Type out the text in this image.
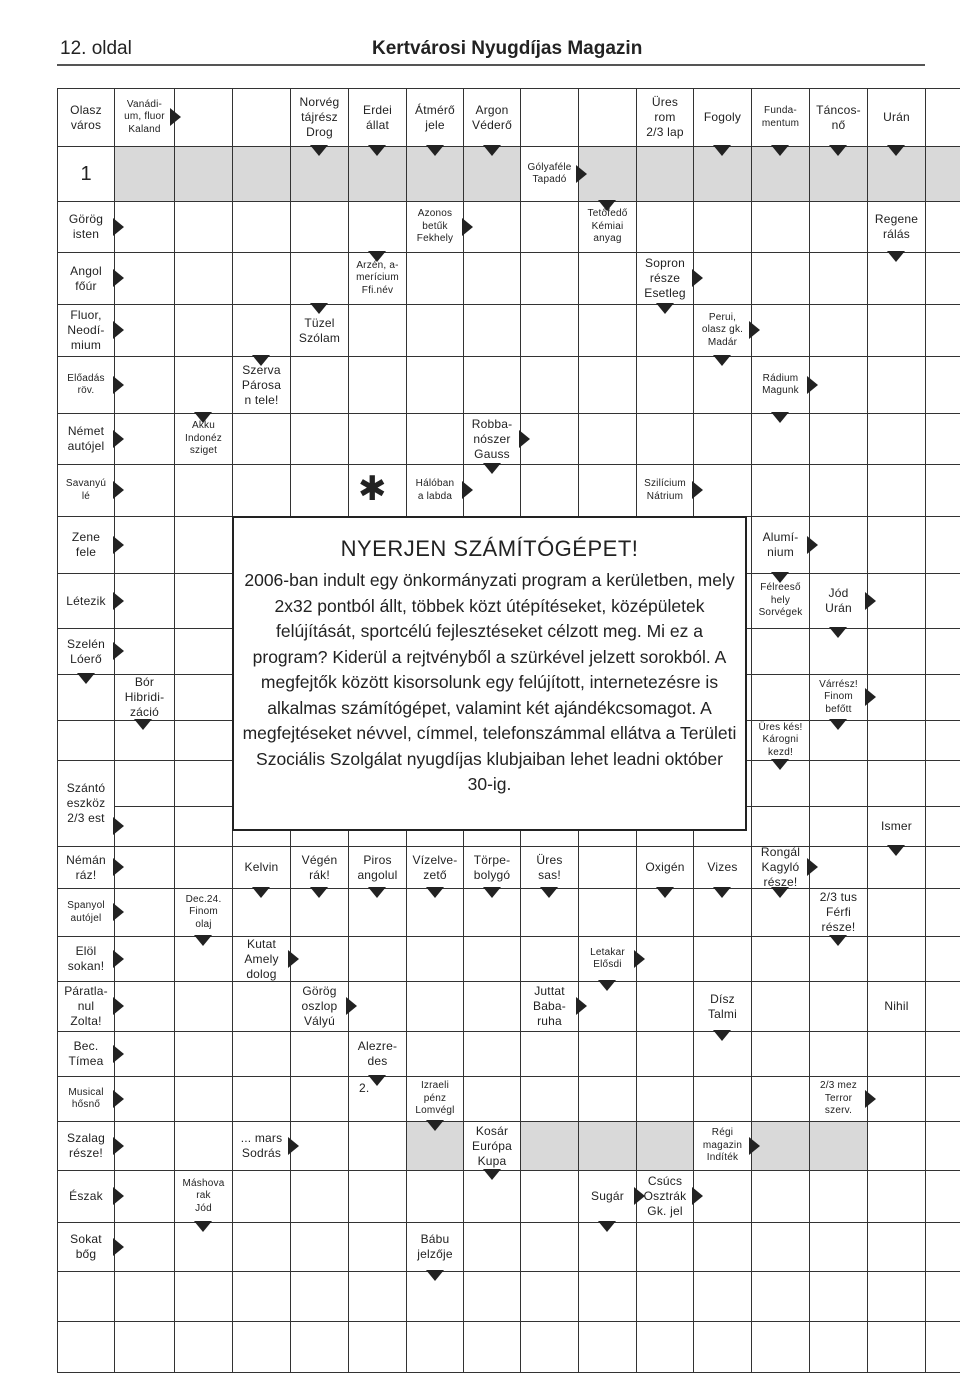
12. oldal	Kertvárosi Nyugdíjas Magazin
1
Olasz
város
Vanádi-
um, fluor
Kaland
Norvég
tájrész
Drog
Erdei
állat
Átmérő
jele
Argon
Véderő
Üres
rom
2/3 lap
Fogoly	Funda-
mentum
Táncos-
nő
Urán
Gólyaféle
Tapadó
Görög
isten
Azonos
betűk
Fekhely
Tetőfedő
Kémiai
anyag
Regene
rálás
Angol
főúr
Arzén, a-
merícium
Ffi.név
Sopron
része
Esetleg
Fluor,
Neodí-
mium
Tüzel
Szólam
Perui,
olasz gk.
Madár
Előadás
röv.
Szerva
Párosa
n tele!
Rádium
Magunk
Német
autójel
Akku
Indonéz
sziget
Robba-
nószer
Gauss
Savanyú
lé
Hálóban
a labda
Szilícium
Nátrium
Zene
fele
Alumí-
nium
Létezik
Félreeső
hely
Sorvégek
Jód
Urán
Szelén
Lóerő
Bór
Hibridi-
záció
Várrész!
Finom
befőtt
Üres kés!
Károgni
kezd!
Szántó
eszköz
2/3 est
Ismer
Némán
ráz!
Kelvin
Végén
rák!
Piros
angolul
Vízelve-
zető
Törpe-
bolygó
Üres
sas!
Oxigén	Vizes
Rongál
Kagyló
része!
Spanyol
autójel
Dec.24.
Finom
olaj
2/3 tus
Férfi
része!
Elöl
sokan!
Kutat
Amely
dolog
Letakar
Elősdi
Páratla-
nul
Zolta!
Görög
oszlop
Vályú
Juttat
Baba-
ruha
Dísz
Talmi
Nihil
Bec.
Tímea
Alezre-
des
Musical
hősnő
Izraeli
pénz
Lomvégl
2/3 mez
Terror
szerv.
Szalag
része!
... mars
Sodrás
Kosár
Európa
Kupa
Régi
magazin
Indíték
Észak
Máshova
rak
Jód
Sugár
Csúcs
Osztrák
Gk. jel
Sokat
bőg
Bábu
jelzője
2.
✱
NYERJEN SZÁMÍTÓGÉPET!
2006-ban indult egy önkormányzati program a kerületben, mely 2x32 pontból állt, többek közt útépítéseket, középületek felújítását, sportcélú fejlesztéseket célzott meg. Mi ez a program? Kiderül a rejtvényből a szürkével jelzett sorokból. A megfejtők között kisorsolunk egy felújított, internetezésre is alkalmas számítógépet, valamint két ajándékcsomagot. A megfejtéseket névvel, címmel, telefonszámmal ellátva a Területi Szociális Szolgálat nyugdíjas klubjaiban lehet leadni október 30-ig.
